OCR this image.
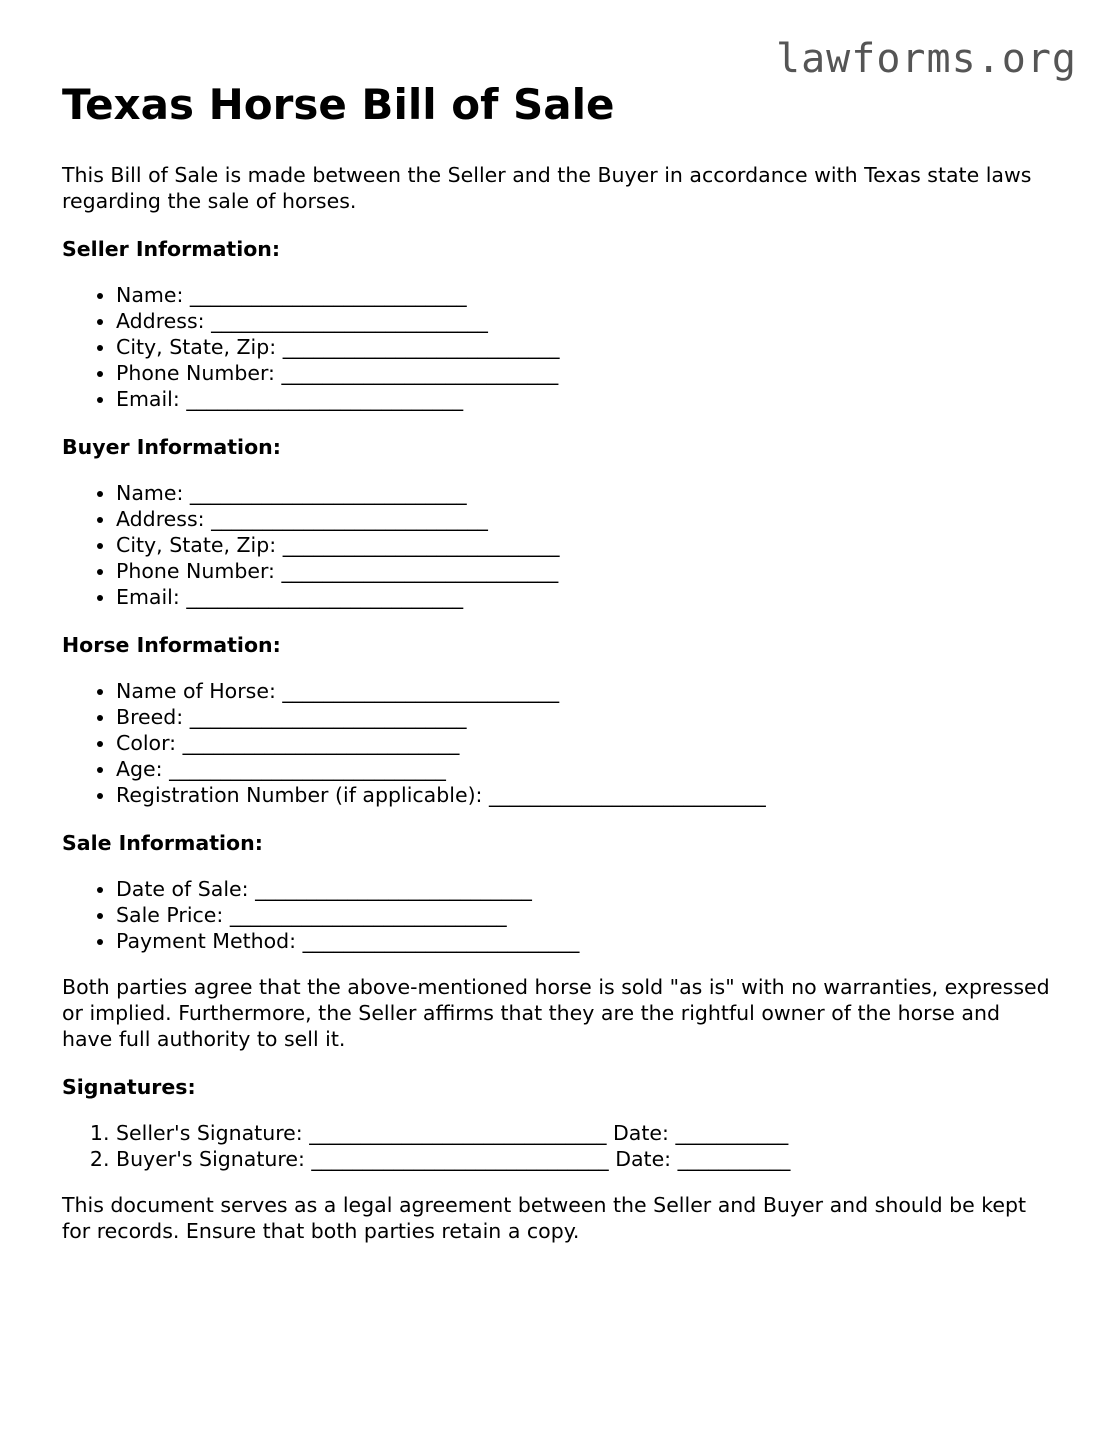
lawforms.org
Texas Horse Bill of Sale

This Bill of Sale is made between the Seller and the Buyer in accordance with Texas state laws regarding the sale of horses.

Seller Information:
• Name: ___________________________
• Address: ___________________________
• City, State, Zip: ___________________________
• Phone Number: ___________________________
• Email: ___________________________
Buyer Information:
• Name: ___________________________
• Address: ___________________________
• City, State, Zip: ___________________________
• Phone Number: ___________________________
• Email: ___________________________
Horse Information:
• Name of Horse: ___________________________
• Breed: ___________________________
• Color: ___________________________
• Age: ___________________________
• Registration Number (if applicable): ___________________________
Sale Information:
• Date of Sale: ___________________________
• Sale Price: ___________________________
• Payment Method: ___________________________

Both parties agree that the above-mentioned horse is sold "as is" with no warranties, expressed or implied. Furthermore, the Seller affirms that they are the rightful owner of the horse and have full authority to sell it.

Signatures:
1. Seller's Signature: _____________________________ Date: ___________
2. Buyer's Signature: _____________________________ Date: ___________

This document serves as a legal agreement between the Seller and Buyer and should be kept for records. Ensure that both parties retain a copy.
